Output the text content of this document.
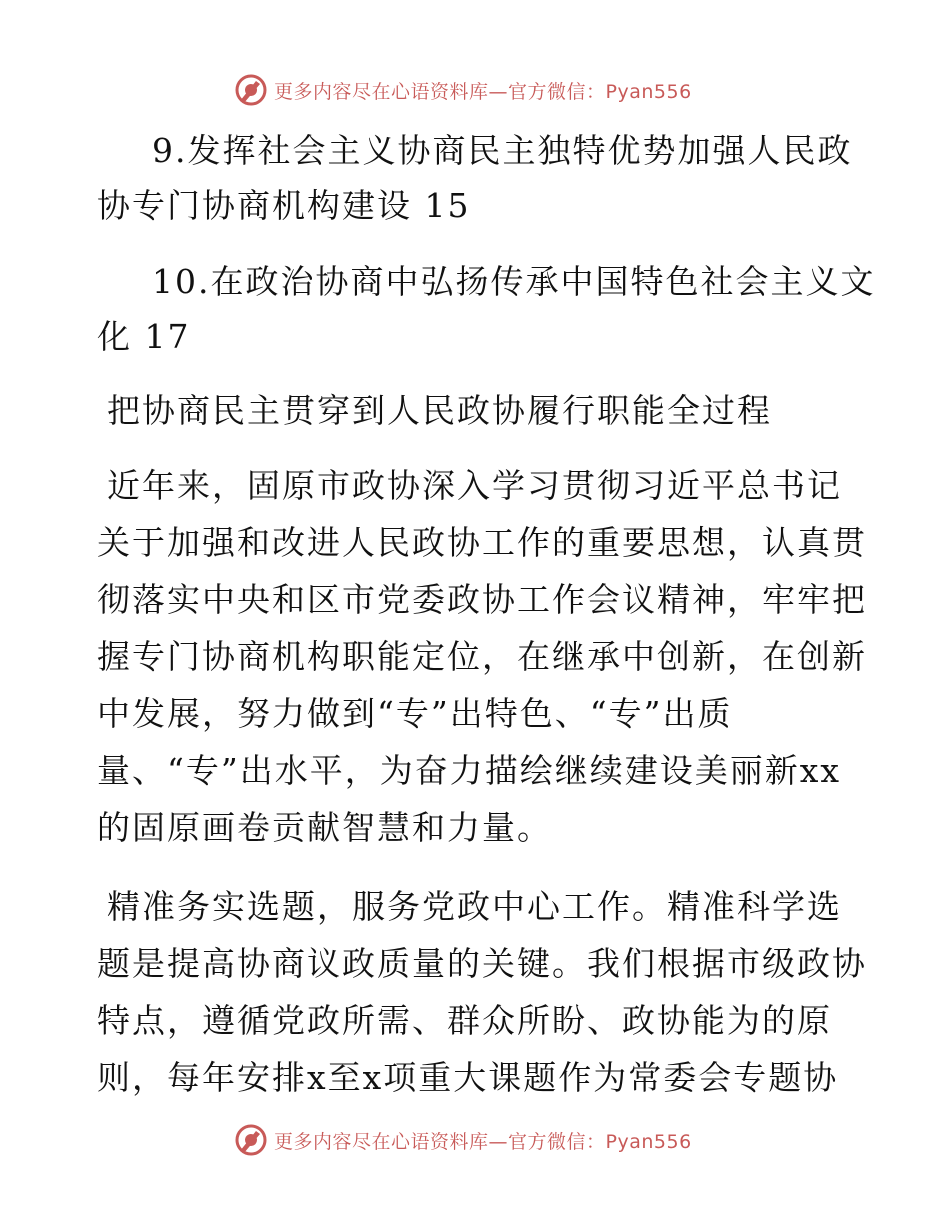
更多内容尽在心语资料库—官方微信：Pyan556
9.发挥社会主义协商民主独特优势加强人民政
协专门协商机构建设 15
10.在政治协商中弘扬传承中国特色社会主义文
化 17
把协商民主贯穿到人民政协履行职能全过程
近年来，固原市政协深入学习贯彻习近平总书记
关于加强和改进人民政协工作的重要思想，认真贯
彻落实中央和区市党委政协工作会议精神，牢牢把
握专门协商机构职能定位，在继承中创新，在创新
中发展，努力做到“专”出特色、“专”出质
量、“专”出水平，为奋力描绘继续建设美丽新xx
的固原画卷贡献智慧和力量。
精准务实选题，服务党政中心工作。精准科学选
题是提高协商议政质量的关键。我们根据市级政协
特点，遵循党政所需、群众所盼、政协能为的原
则，每年安排x至x项重大课题作为常委会专题协
更多内容尽在心语资料库—官方微信：Pyan556
